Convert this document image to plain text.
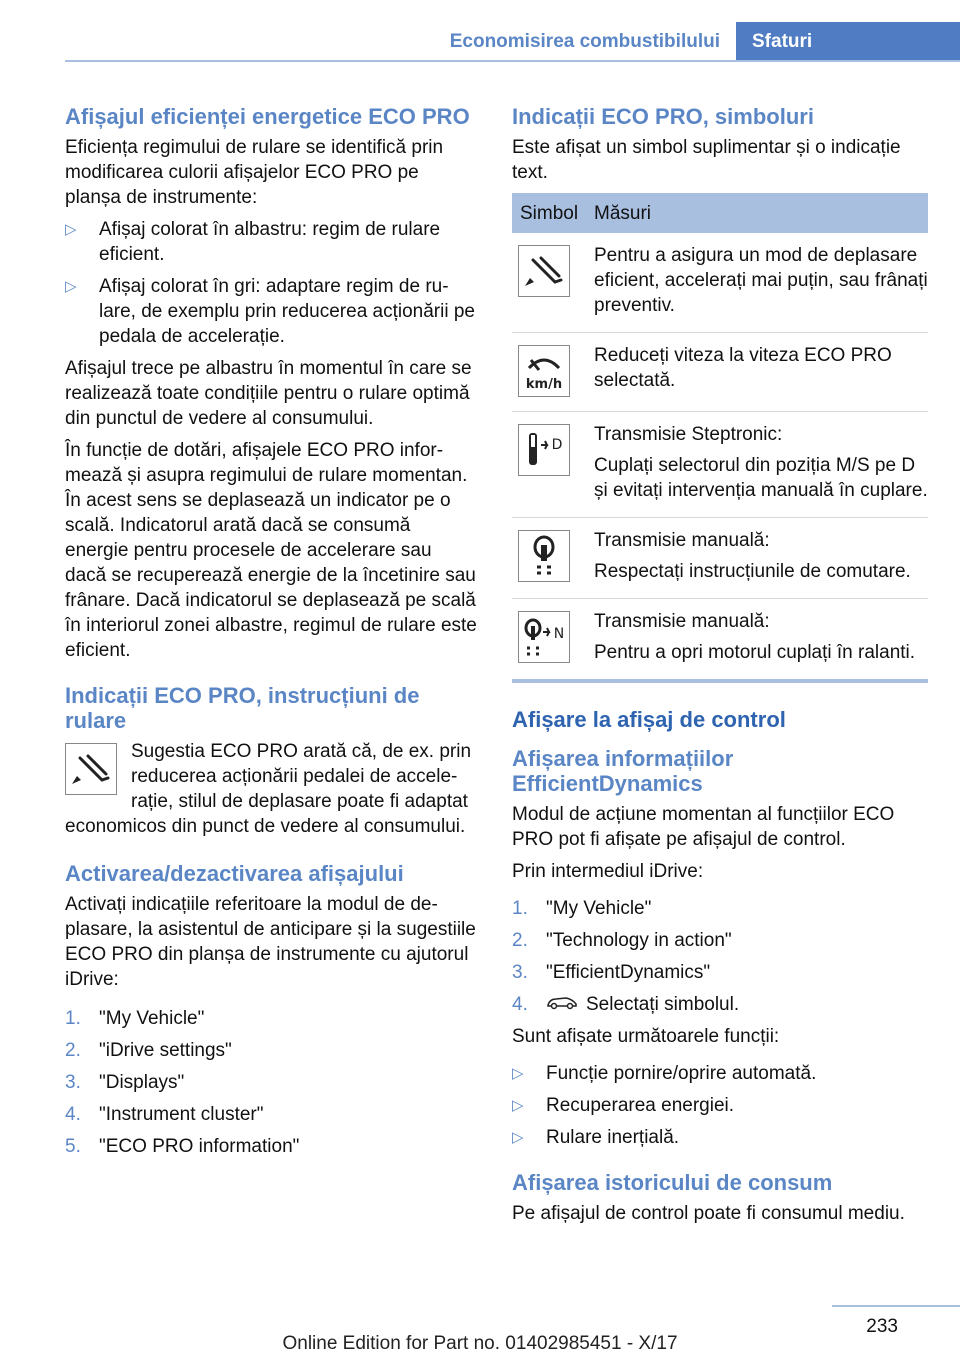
Economisirea combustibilului	Sfaturi
Afișajul eficienței energetice ECO PRO

Eficiența regimului de rulare se identifică prin modificarea culorii afișajelor ECO PRO pe planșa de instrumente:

▷ Afișaj colorat în albastru: regim de rulare eficient.
▷ Afișaj colorat în gri: adaptare regim de rulare, de exemplu prin reducerea acționării pe pedala de accelerație.

Afișajul trece pe albastru în momentul în care se realizează toate condițiile pentru o rulare optimă din punctul de vedere al consumului.

În funcție de dotări, afișajele ECO PRO informează și asupra regimului de rulare momentan. În acest sens se deplasează un indicator pe o scală. Indicatorul arată dacă se consumă energie pentru procesele de accelerare sau dacă se recuperează energie de la încetinire sau frânare. Dacă indicatorul se deplasează pe scală în interiorul zonei albastre, regimul de rulare este eficient.

Indicații ECO PRO, instrucțiuni de rulare

Sugestia ECO PRO arată că, de ex. prin reducerea acționării pedalei de accelerație, stilul de deplasare poate fi adaptat economicos din punct de vedere al consumului.

Activarea/dezactivarea afișajului

Activați indicațiile referitoare la modul de deplasare, la asistentul de anticipare și la sugestiile ECO PRO din planșa de instrumente cu ajutorul iDrive:

1. "My Vehicle"
2. "iDrive settings"
3. "Displays"
4. "Instrument cluster"
5. "ECO PRO information"
Indicații ECO PRO, simboluri

Este afișat un simbol suplimentar și o indicație text.

Simbol	Măsuri

Pentru a asigura un mod de deplasare eficient, accelerați mai puțin, sau frânați preventiv.

km/h	Reduceți viteza la viteza ECO PRO selectată.

D	Transmisie Steptronic:

Cuplați selectorul din poziția M/S pe D și evitați intervenția manuală în cuplare.

Transmisie manuală:

Respectați instrucțiunile de comutare.

N	Transmisie manuală:

Pentru a opri motorul cuplați în ralanti.

Afișare la afișaj de control
Afișarea informațiilor EfficientDynamics

Modul de acțiune momentan al funcțiilor ECO PRO pot fi afișate pe afișajul de control.

Prin intermediul iDrive:

1. "My Vehicle"
2. "Technology in action"
3. "EfficientDynamics"
4.	Selectați simbolul.

Sunt afișate următoarele funcții:

▷ Funcție pornire/oprire automată.
▷ Recuperarea energiei.
▷ Rulare inerțială.
Afișarea istoricului de consum

Pe afișajul de control poate fi consumul mediu.

233
Online Edition for Part no. 01402985451 - X/17
